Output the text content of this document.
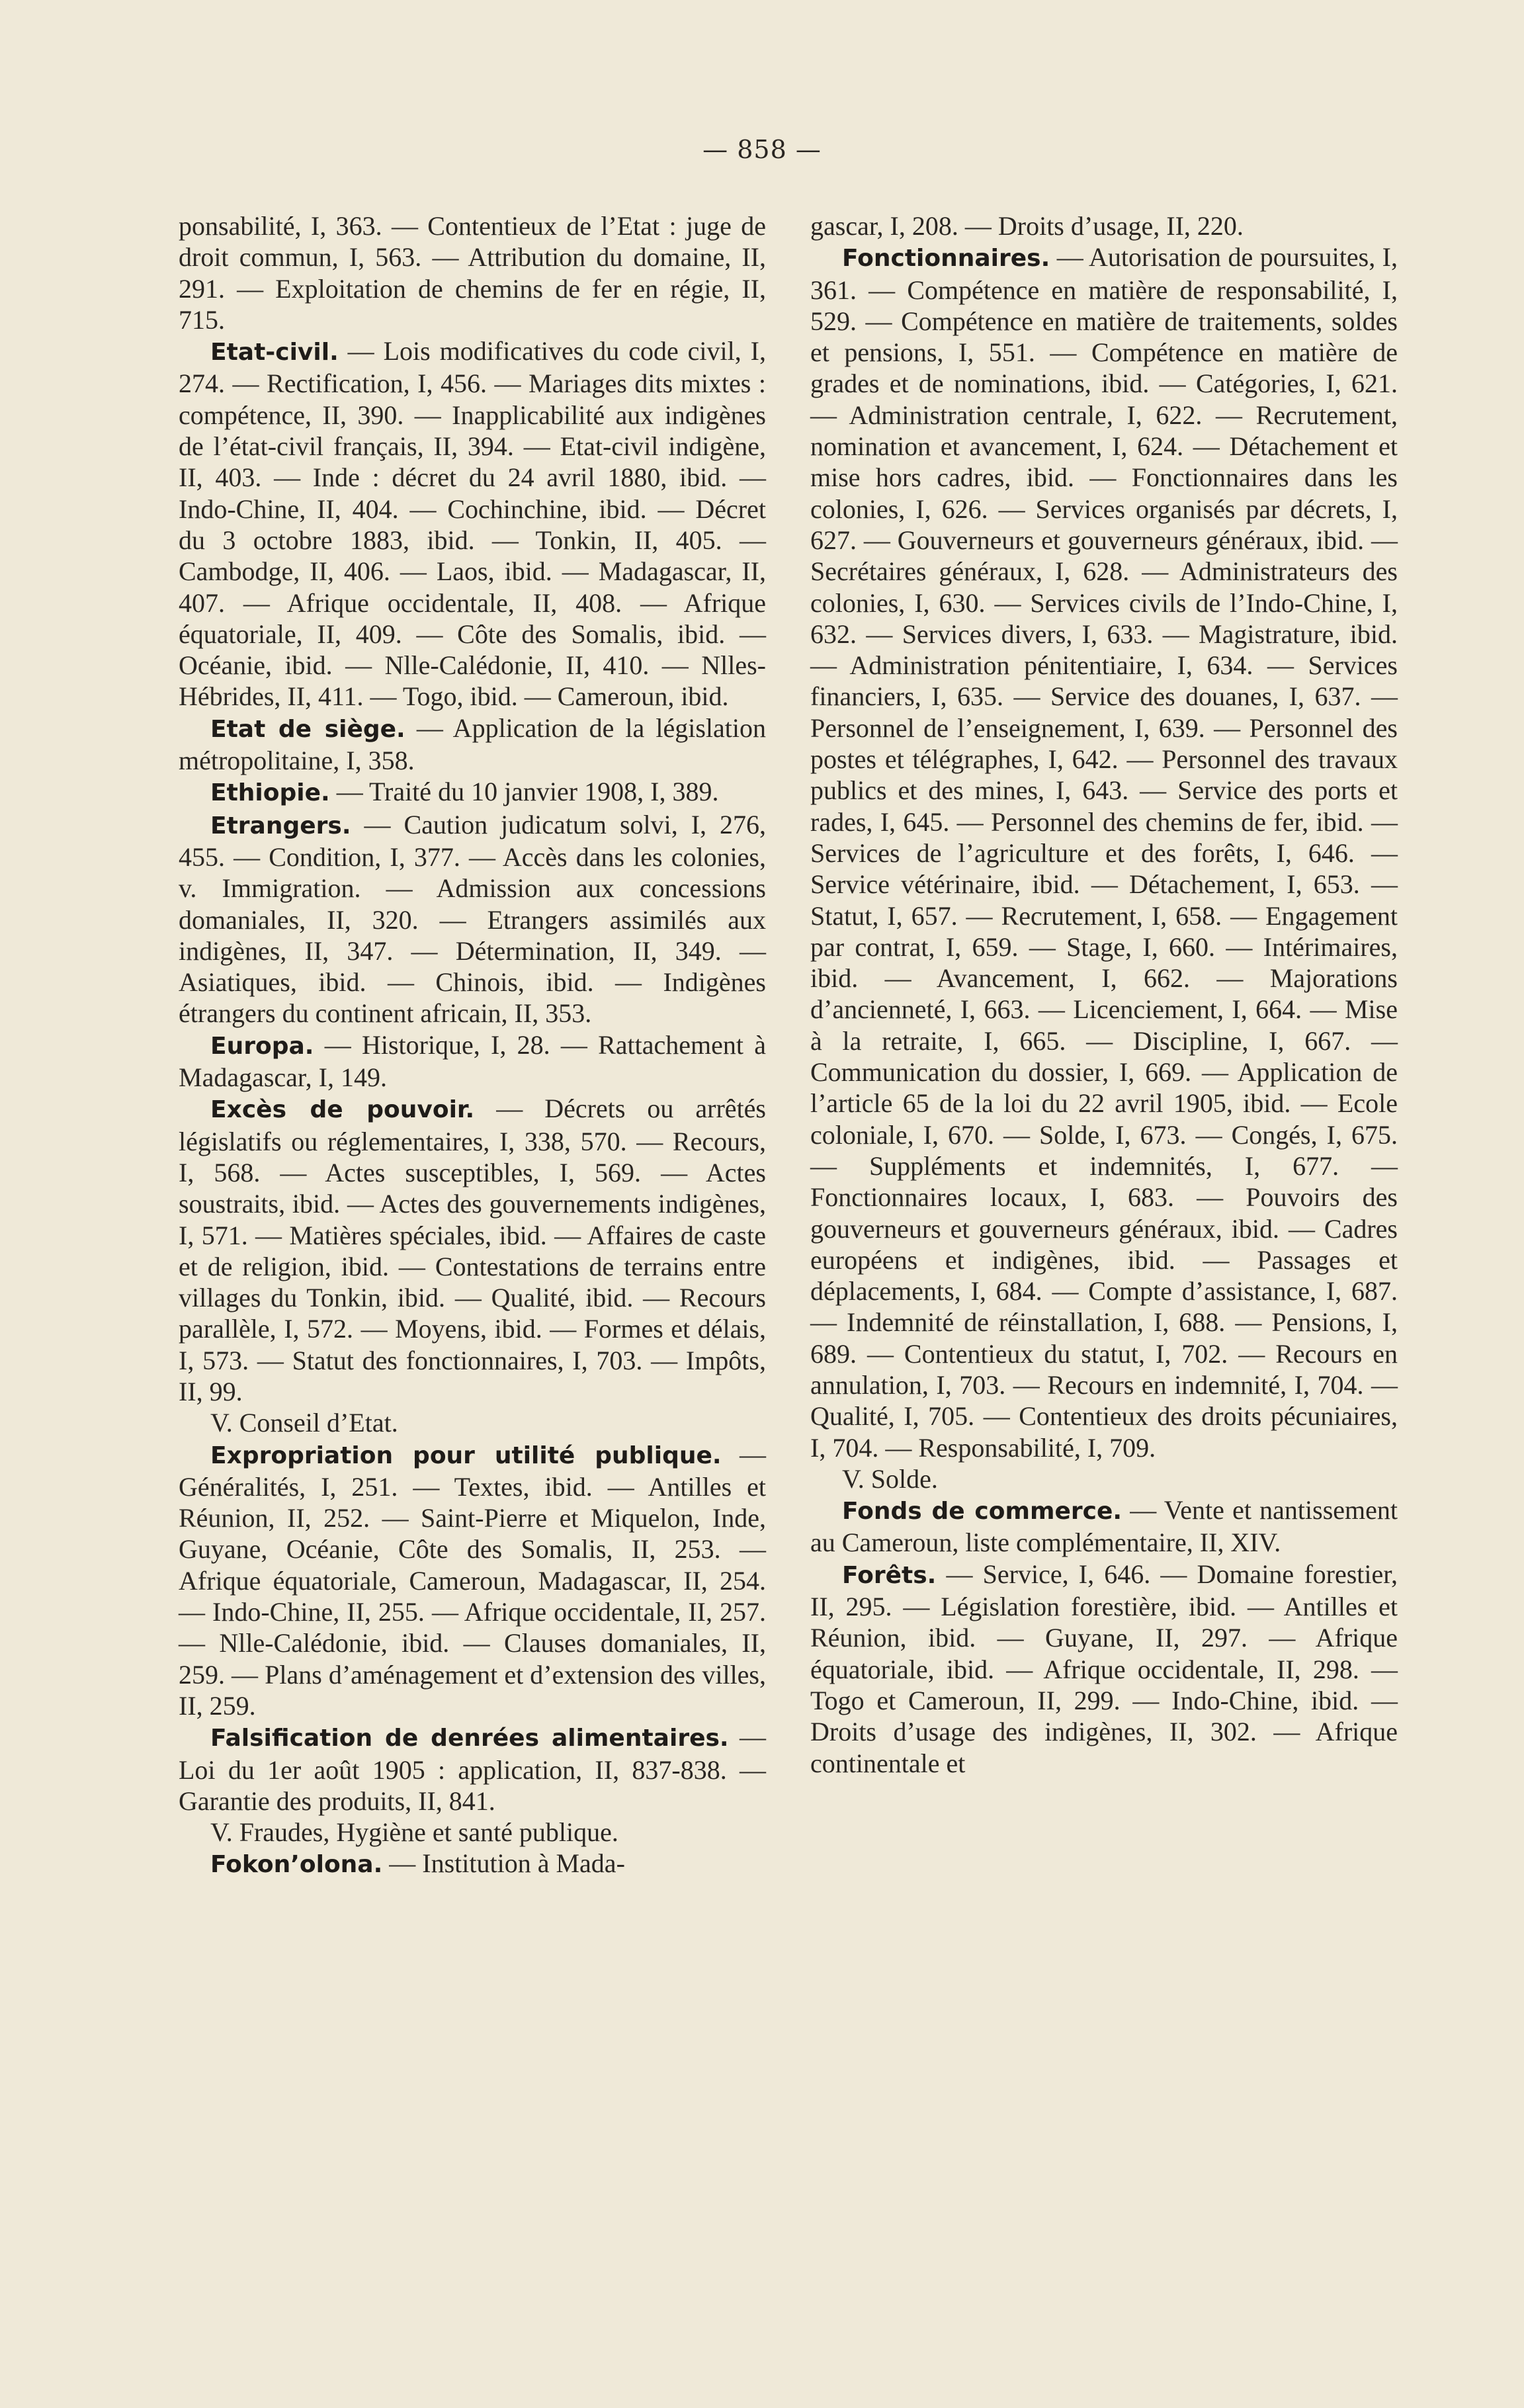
— 858 —

ponsabilité, I, 363. — Contentieux de l’Etat : juge de droit commun, I, 563. — Attribution du domaine, II, 291. — Exploitation de chemins de fer en régie, II, 715.

Etat-civil. — Lois modificatives du code civil, I, 274. — Rectification, I, 456. — Mariages dits mixtes : compétence, II, 390. — Inapplicabilité aux indigènes de l’état-civil français, II, 394. — Etat-civil indigène, II, 403. — Inde : décret du 24 avril 1880, ibid. — Indo-Chine, II, 404. — Cochinchine, ibid. — Décret du 3 octobre 1883, ibid. — Tonkin, II, 405. — Cambodge, II, 406. — Laos, ibid. — Madagascar, II, 407. — Afrique occidentale, II, 408. — Afrique équatoriale, II, 409. — Côte des Somalis, ibid. — Océanie, ibid. — Nlle-Calédonie, II, 410. — Nlles-Hébrides, II, 411. — Togo, ibid. — Cameroun, ibid.

Etat de siège. — Application de la législation métropolitaine, I, 358.

Ethiopie. — Traité du 10 janvier 1908, I, 389.

Etrangers. — Caution judicatum solvi, I, 276, 455. — Condition, I, 377. — Accès dans les colonies, v. Immigration. — Admission aux concessions domaniales, II, 320. — Etrangers assimilés aux indigènes, II, 347. — Détermination, II, 349. — Asiatiques, ibid. — Chinois, ibid. — Indigènes étrangers du continent africain, II, 353.

Europa. — Historique, I, 28. — Rattachement à Madagascar, I, 149.

Excès de pouvoir. — Décrets ou arrêtés législatifs ou réglementaires, I, 338, 570. — Recours, I, 568. — Actes susceptibles, I, 569. — Actes soustraits, ibid. — Actes des gouvernements indigènes, I, 571. — Matières spéciales, ibid. — Affaires de caste et de religion, ibid. — Contestations de terrains entre villages du Tonkin, ibid. — Qualité, ibid. — Recours parallèle, I, 572. — Moyens, ibid. — Formes et délais, I, 573. — Statut des fonctionnaires, I, 703. — Impôts, II, 99.

V. Conseil d’Etat.

Expropriation pour utilité publique. — Généralités, I, 251. — Textes, ibid. — Antilles et Réunion, II, 252. — Saint-Pierre et Miquelon, Inde, Guyane, Océanie, Côte des Somalis, II, 253. — Afrique équatoriale, Cameroun, Madagascar, II, 254. — Indo-Chine, II, 255. — Afrique occidentale, II, 257. — Nlle-Calédonie, ibid. — Clauses domaniales, II, 259. — Plans d’aménagement et d’extension des villes, II, 259.

Falsification de denrées alimentaires. — Loi du 1er août 1905 : application, II, 837-838. — Garantie des produits, II, 841.

V. Fraudes, Hygiène et santé publique.

Fokon’olona. — Institution à Mada-

gascar, I, 208. — Droits d’usage, II, 220.

Fonctionnaires. — Autorisation de poursuites, I, 361. — Compétence en matière de responsabilité, I, 529. — Compétence en matière de traitements, soldes et pensions, I, 551. — Compétence en matière de grades et de nominations, ibid. — Catégories, I, 621. — Administration centrale, I, 622. — Recrutement, nomination et avancement, I, 624. — Détachement et mise hors cadres, ibid. — Fonctionnaires dans les colonies, I, 626. — Services organisés par décrets, I, 627. — Gouverneurs et gouverneurs généraux, ibid. — Secrétaires généraux, I, 628. — Administrateurs des colonies, I, 630. — Services civils de l’Indo-Chine, I, 632. — Services divers, I, 633. — Magistrature, ibid. — Administration pénitentiaire, I, 634. — Services financiers, I, 635. — Service des douanes, I, 637. — Personnel de l’enseignement, I, 639. — Personnel des postes et télégraphes, I, 642. — Personnel des travaux publics et des mines, I, 643. — Service des ports et rades, I, 645. — Personnel des chemins de fer, ibid. — Services de l’agriculture et des forêts, I, 646. — Service vétérinaire, ibid. — Détachement, I, 653. — Statut, I, 657. — Recrutement, I, 658. — Engagement par contrat, I, 659. — Stage, I, 660. — Intérimaires, ibid. — Avancement, I, 662. — Majorations d’ancienneté, I, 663. — Licenciement, I, 664. — Mise à la retraite, I, 665. — Discipline, I, 667. — Communication du dossier, I, 669. — Application de l’article 65 de la loi du 22 avril 1905, ibid. — Ecole coloniale, I, 670. — Solde, I, 673. — Congés, I, 675. — Suppléments et indemnités, I, 677. — Fonctionnaires locaux, I, 683. — Pouvoirs des gouverneurs et gouverneurs généraux, ibid. — Cadres européens et indigènes, ibid. — Passages et déplacements, I, 684. — Compte d’assistance, I, 687. — Indemnité de réinstallation, I, 688. — Pensions, I, 689. — Contentieux du statut, I, 702. — Recours en annulation, I, 703. — Recours en indemnité, I, 704. — Qualité, I, 705. — Contentieux des droits pécuniaires, I, 704. — Responsabilité, I, 709.

V. Solde.

Fonds de commerce. — Vente et nantissement au Cameroun, liste complémentaire, II, XIV.

Forêts. — Service, I, 646. — Domaine forestier, II, 295. — Législation forestière, ibid. — Antilles et Réunion, ibid. — Guyane, II, 297. — Afrique équatoriale, ibid. — Afrique occidentale, II, 298. — Togo et Cameroun, II, 299. — Indo-Chine, ibid. — Droits d’usage des indigènes, II, 302. — Afrique continentale et
